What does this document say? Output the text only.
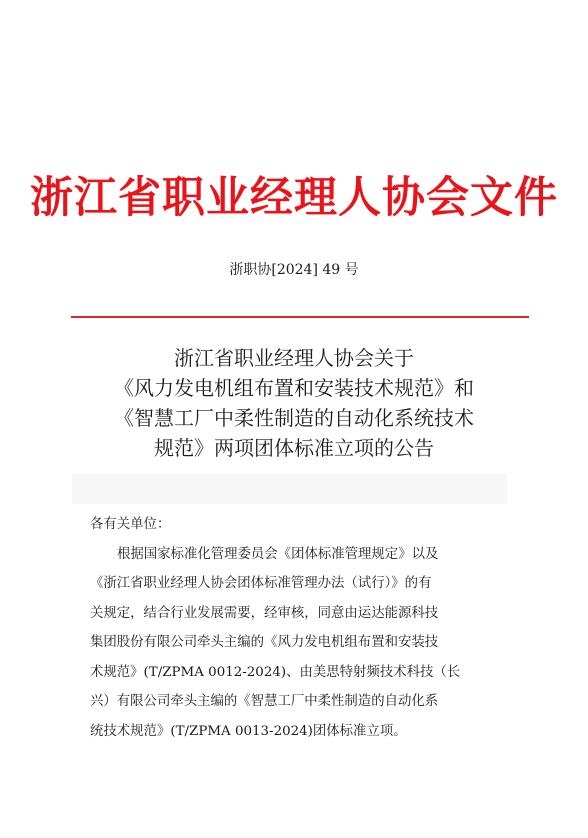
浙江省职业经理人协会文件
浙职协[2024] 49 号
浙江省职业经理人协会关于
《风力发电机组布置和安装技术规范》和
《智慧工厂中柔性制造的自动化系统技术
规范》两项团体标准立项的公告
各有关单位：
根据国家标准化管理委员会《团体标准管理规定》以及
《浙江省职业经理人协会团体标准管理办法（试行）》的有
关规定，结合行业发展需要，经审核，同意由运达能源科技
集团股份有限公司牵头主编的《风力发电机组布置和安装技
术规范》(T/ZPMA 0012-2024)、由美思特射频技术科技（长
兴）有限公司牵头主编的《智慧工厂中柔性制造的自动化系
统技术规范》(T/ZPMA 0013-2024)团体标准立项。
